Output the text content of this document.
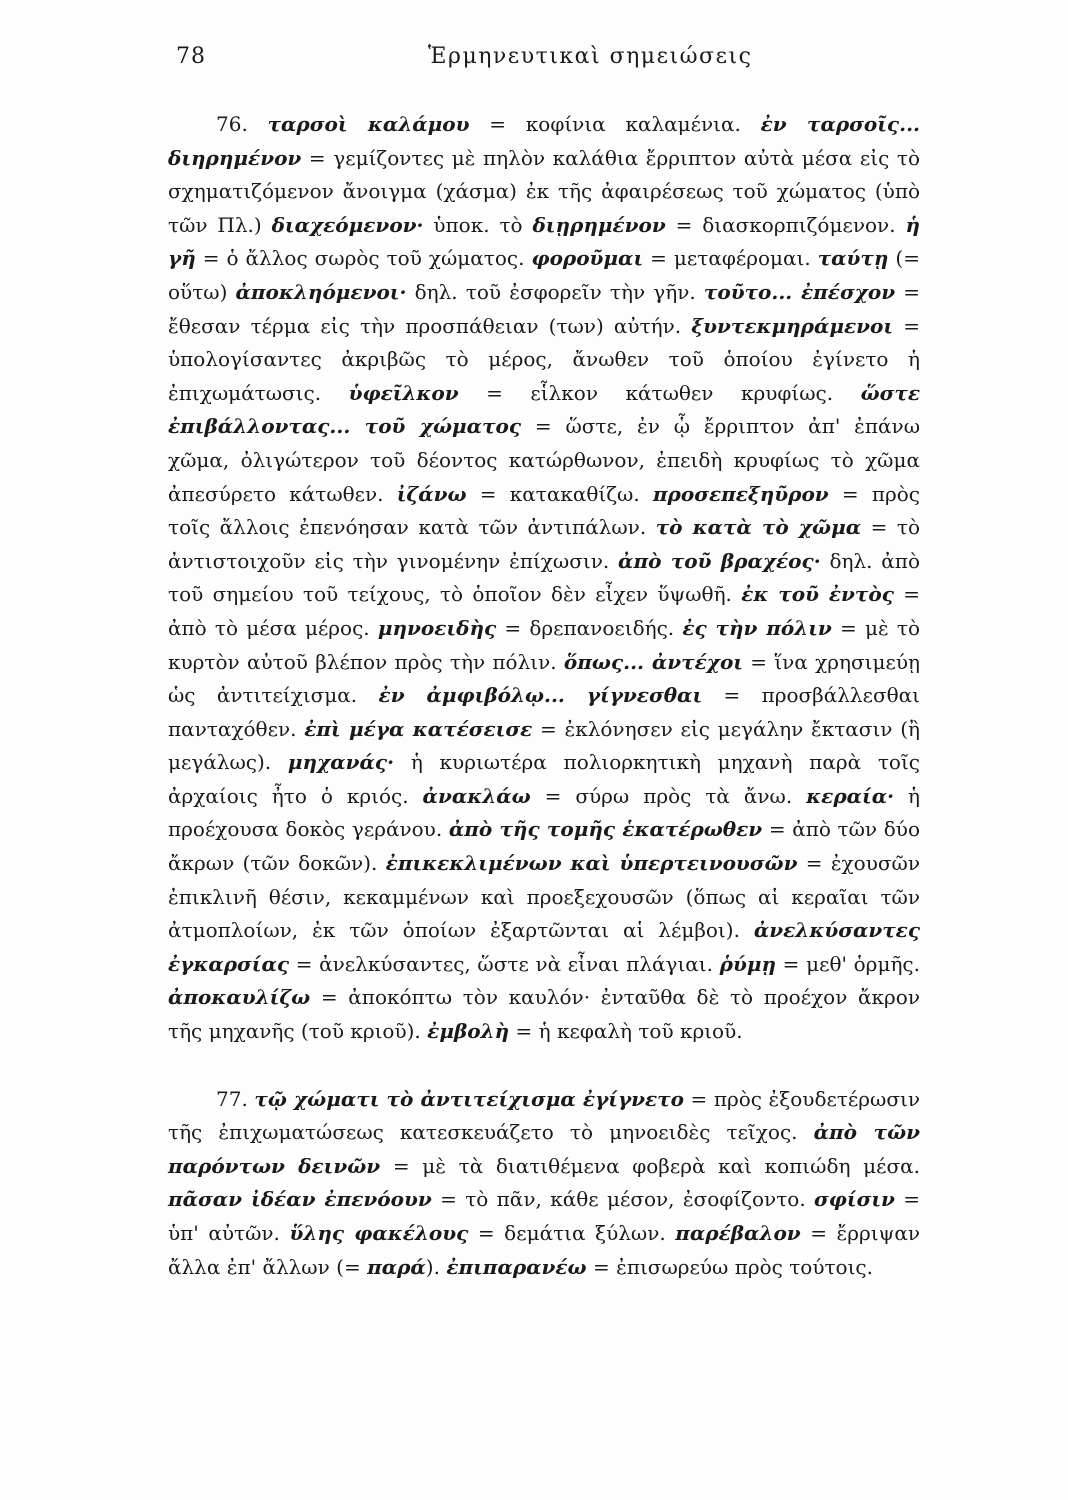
78	Ἑρμηνευτικαὶ σημειώσεις

76. ταρσοὶ καλάμου = κοφίνια καλαμένια. ἐν ταρσοῖς... διηρημένον = γεμίζοντες μὲ πηλὸν καλάθια ἔρριπτον αὐτὰ μέσα εἰς τὸ σχηματιζόμενον ἄνοιγμα (χάσμα) ἐκ τῆς ἀφαιρέσεως τοῦ χώματος (ὑπὸ τῶν Πλ.) διαχεόμενον· ὑποκ. τὸ διῃρημένον = διασκορπιζόμενον. ἡ γῆ = ὁ ἄλλος σωρὸς τοῦ χώματος. φοροῦμαι = μεταφέρομαι. ταύτῃ (= οὕτω) ἀποκληόμενοι· δηλ. τοῦ ἐσφορεῖν τὴν γῆν. τοῦτο... ἐπέσχον = ἔθεσαν τέρμα εἰς τὴν προσπάθειαν (των) αὐτήν. ξυντεκμηράμενοι = ὑπολογίσαντες ἀκριβῶς τὸ μέρος, ἄνωθεν τοῦ ὁποίου ἐγίνετο ἡ ἐπιχωμάτωσις. ὑφεῖλκον = εἷλκον κάτωθεν κρυφίως. ὥστε ἐπιβάλλοντας... τοῦ χώματος = ὥστε, ἐν ᾧ ἔρριπτον ἀπ' ἐπάνω χῶμα, ὀλιγώτερον τοῦ δέοντος κατώρθωνον, ἐπειδὴ κρυφίως τὸ χῶμα ἀπεσύρετο κάτωθεν. ἰζάνω = κατακαθίζω. προσεπεξηῦρον = πρὸς τοῖς ἄλλοις ἐπενόησαν κατὰ τῶν ἀντιπάλων. τὸ κατὰ τὸ χῶμα = τὸ ἀντιστοιχοῦν εἰς τὴν γινομένην ἐπίχωσιν. ἀπὸ τοῦ βραχέος· δηλ. ἀπὸ τοῦ σημείου τοῦ τείχους, τὸ ὁποῖον δὲν εἶχεν ὕψωθῆ. ἐκ τοῦ ἐντὸς = ἀπὸ τὸ μέσα μέρος. μηνοειδὴς = δρεπανοειδής. ἐς τὴν πόλιν = μὲ τὸ κυρτὸν αὐτοῦ βλέπον πρὸς τὴν πόλιν. ὅπως... ἀντέχοι = ἵνα χρησιμεύῃ ὡς ἀντιτείχισμα. ἐν ἀμφιβόλῳ... γίγνεσθαι = προσβάλλεσθαι πανταχόθεν. ἐπὶ μέγα κατέσεισε = ἐκλόνησεν εἰς μεγάλην ἔκτασιν (ἢ μεγάλως). μηχανάς· ἡ κυριωτέρα πολιορκητικὴ μηχανὴ παρὰ τοῖς ἀρχαίοις ἦτο ὁ κριός. ἀνακλάω = σύρω πρὸς τὰ ἄνω. κεραία· ἡ προέχουσα δοκὸς γεράνου. ἀπὸ τῆς τομῆς ἑκατέρωθεν = ἀπὸ τῶν δύο ἄκρων (τῶν δοκῶν). ἐπικεκλιμένων καὶ ὑπερτεινουσῶν = ἐχουσῶν ἐπικλινῆ θέσιν, κεκαμμένων καὶ προεξεχουσῶν (ὅπως αἱ κεραῖαι τῶν ἀτμοπλοίων, ἐκ τῶν ὁποίων ἐξαρτῶνται αἱ λέμβοι). ἀνελκύσαντες ἐγκαρσίας = ἀνελκύσαντες, ὥστε νὰ εἶναι πλάγιαι. ῥύμῃ = μεθ' ὁρμῆς. ἀποκαυλίζω = ἀποκόπτω τὸν καυλόν· ἐνταῦθα δὲ τὸ προέχον ἄκρον τῆς μηχανῆς (τοῦ κριοῦ). ἐμβολὴ = ἡ κεφαλὴ τοῦ κριοῦ.

77. τῷ χώματι τὸ ἀντιτείχισμα ἐγίγνετο = πρὸς ἐξουδετέρωσιν τῆς ἐπιχωματώσεως κατεσκευάζετο τὸ μηνοειδὲς τεῖχος. ἀπὸ τῶν παρόντων δεινῶν = μὲ τὰ διατιθέμενα φοβερὰ καὶ κοπιώδη μέσα. πᾶσαν ἰδέαν ἐπενόουν = τὸ πᾶν, κάθε μέσον, ἐσοφίζοντο. σφίσιν = ὑπ' αὐτῶν. ὕλης φακέλους = δεμάτια ξύλων. παρέβαλον = ἔρριψαν ἄλλα ἐπ' ἄλλων (= παρά). ἐπιπαρανέω = ἐπισωρεύω πρὸς τούτοις.
